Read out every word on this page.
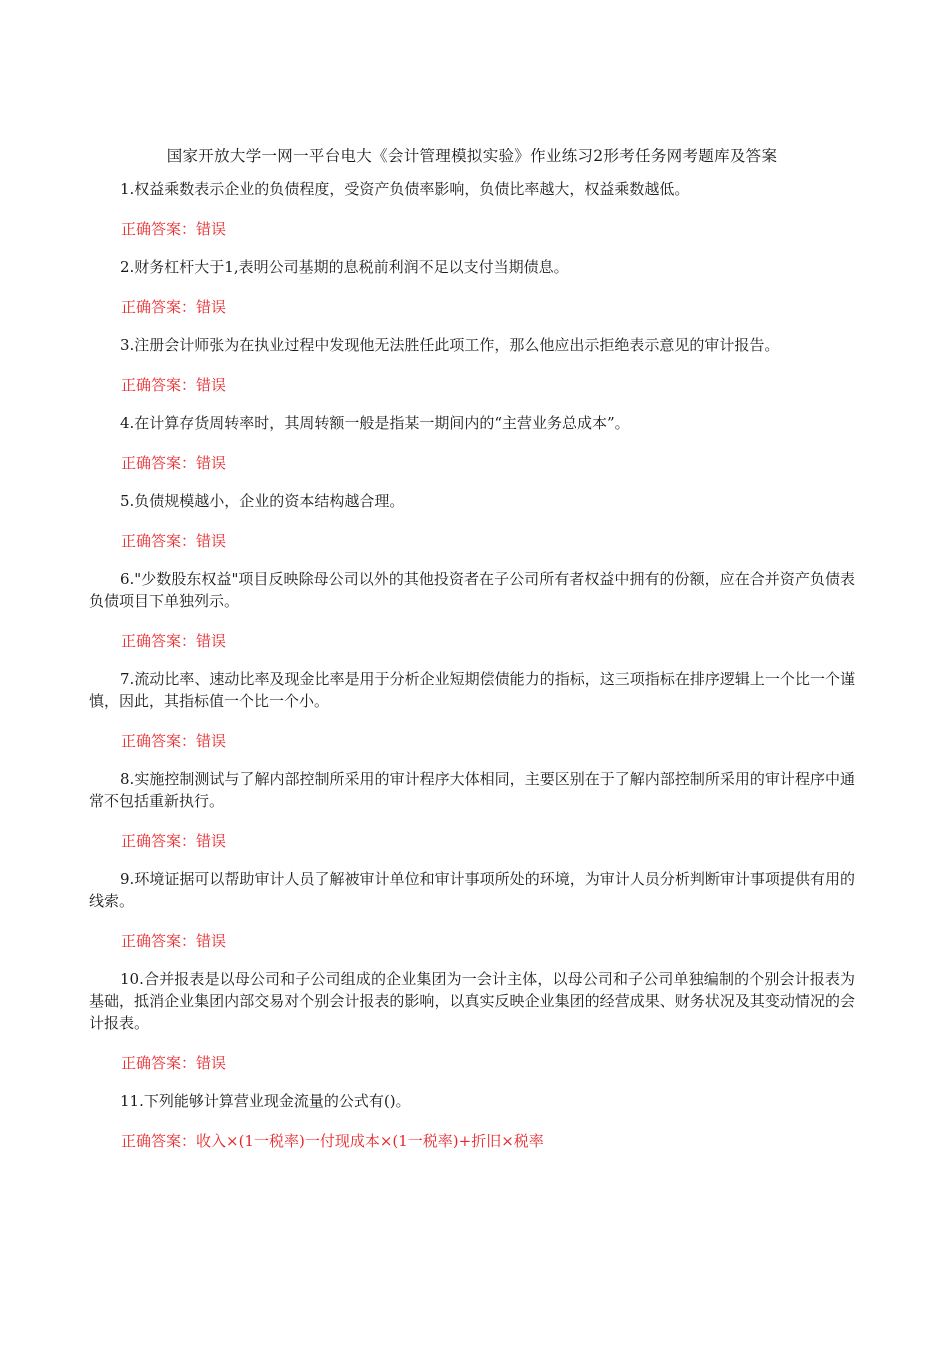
国家开放大学一网一平台电大《会计管理模拟实验》作业练习2形考任务网考题库及答案

1.权益乘数表示企业的负债程度，受资产负债率影响，负债比率越大，权益乘数越低。

正确答案：错误

2.财务杠杆大于1,表明公司基期的息税前利润不足以支付当期债息。

正确答案：错误

3.注册会计师张为在执业过程中发现他无法胜任此项工作，那么他应出示拒绝表示意见的审计报告。

正确答案：错误

4.在计算存货周转率时，其周转额一般是指某一期间内的“主营业务总成本”。

正确答案：错误

5.负债规模越小，企业的资本结构越合理。

正确答案：错误

6."少数股东权益"项目反映除母公司以外的其他投资者在子公司所有者权益中拥有的份额，应在合并资产负债表负债项目下单独列示。

正确答案：错误

7.流动比率、速动比率及现金比率是用于分析企业短期偿债能力的指标，这三项指标在排序逻辑上一个比一个谨慎，因此，其指标值一个比一个小。

正确答案：错误

8.实施控制测试与了解内部控制所采用的审计程序大体相同，主要区别在于了解内部控制所采用的审计程序中通常不包括重新执行。

正确答案：错误

9.环境证据可以帮助审计人员了解被审计单位和审计事项所处的环境，为审计人员分析判断审计事项提供有用的线索。

正确答案：错误

10.合并报表是以母公司和子公司组成的企业集团为一会计主体，以母公司和子公司单独编制的个别会计报表为基础，抵消企业集团内部交易对个别会计报表的影响，以真实反映企业集团的经营成果、财务状况及其变动情况的会计报表。

正确答案：错误

11.下列能够计算营业现金流量的公式有()。

正确答案：收入×(1一税率)一付现成本×(1一税率)+折旧×税率
